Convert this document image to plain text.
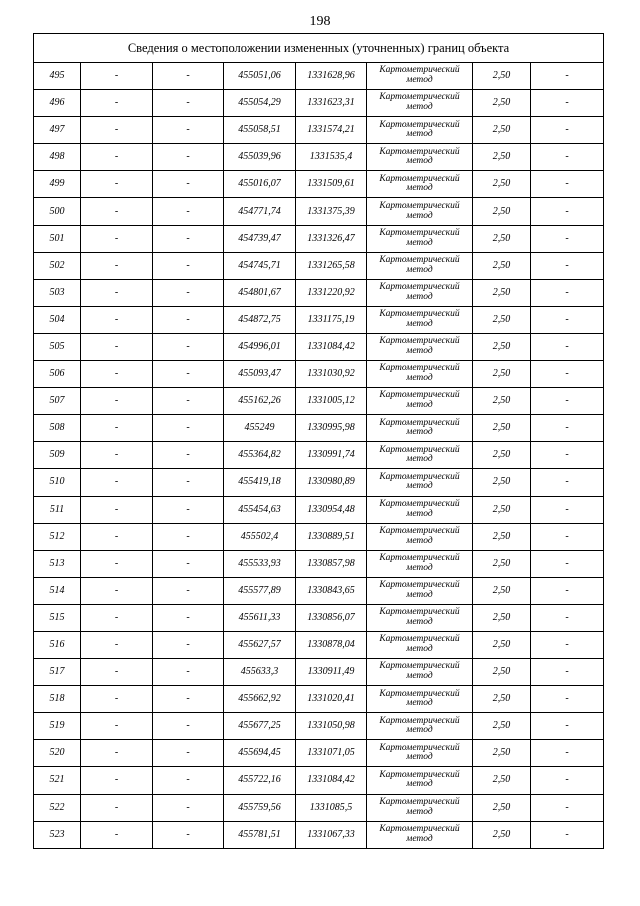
198
Сведения о местоположении измененных (уточненных) границ объекта							
495	-	-	455051,06	1331628,96	Картометрический метод	2,50	-
496	-	-	455054,29	1331623,31	Картометрический метод	2,50	-
497	-	-	455058,51	1331574,21	Картометрический метод	2,50	-
498	-	-	455039,96	1331535,4	Картометрический метод	2,50	-
499	-	-	455016,07	1331509,61	Картометрический метод	2,50	-
500	-	-	454771,74	1331375,39	Картометрический метод	2,50	-
501	-	-	454739,47	1331326,47	Картометрический метод	2,50	-
502	-	-	454745,71	1331265,58	Картометрический метод	2,50	-
503	-	-	454801,67	1331220,92	Картометрический метод	2,50	-
504	-	-	454872,75	1331175,19	Картометрический метод	2,50	-
505	-	-	454996,01	1331084,42	Картометрический метод	2,50	-
506	-	-	455093,47	1331030,92	Картометрический метод	2,50	-
507	-	-	455162,26	1331005,12	Картометрический метод	2,50	-
508	-	-	455249	1330995,98	Картометрический метод	2,50	-
509	-	-	455364,82	1330991,74	Картометрический метод	2,50	-
510	-	-	455419,18	1330980,89	Картометрический метод	2,50	-
511	-	-	455454,63	1330954,48	Картометрический метод	2,50	-
512	-	-	455502,4	1330889,51	Картометрический метод	2,50	-
513	-	-	455533,93	1330857,98	Картометрический метод	2,50	-
514	-	-	455577,89	1330843,65	Картометрический метод	2,50	-
515	-	-	455611,33	1330856,07	Картометрический метод	2,50	-
516	-	-	455627,57	1330878,04	Картометрический метод	2,50	-
517	-	-	455633,3	1330911,49	Картометрический метод	2,50	-
518	-	-	455662,92	1331020,41	Картометрический метод	2,50	-
519	-	-	455677,25	1331050,98	Картометрический метод	2,50	-
520	-	-	455694,45	1331071,05	Картометрический метод	2,50	-
521	-	-	455722,16	1331084,42	Картометрический метод	2,50	-
522	-	-	455759,56	1331085,5	Картометрический метод	2,50	-
523	-	-	455781,51	1331067,33	Картометрический метод	2,50	-
